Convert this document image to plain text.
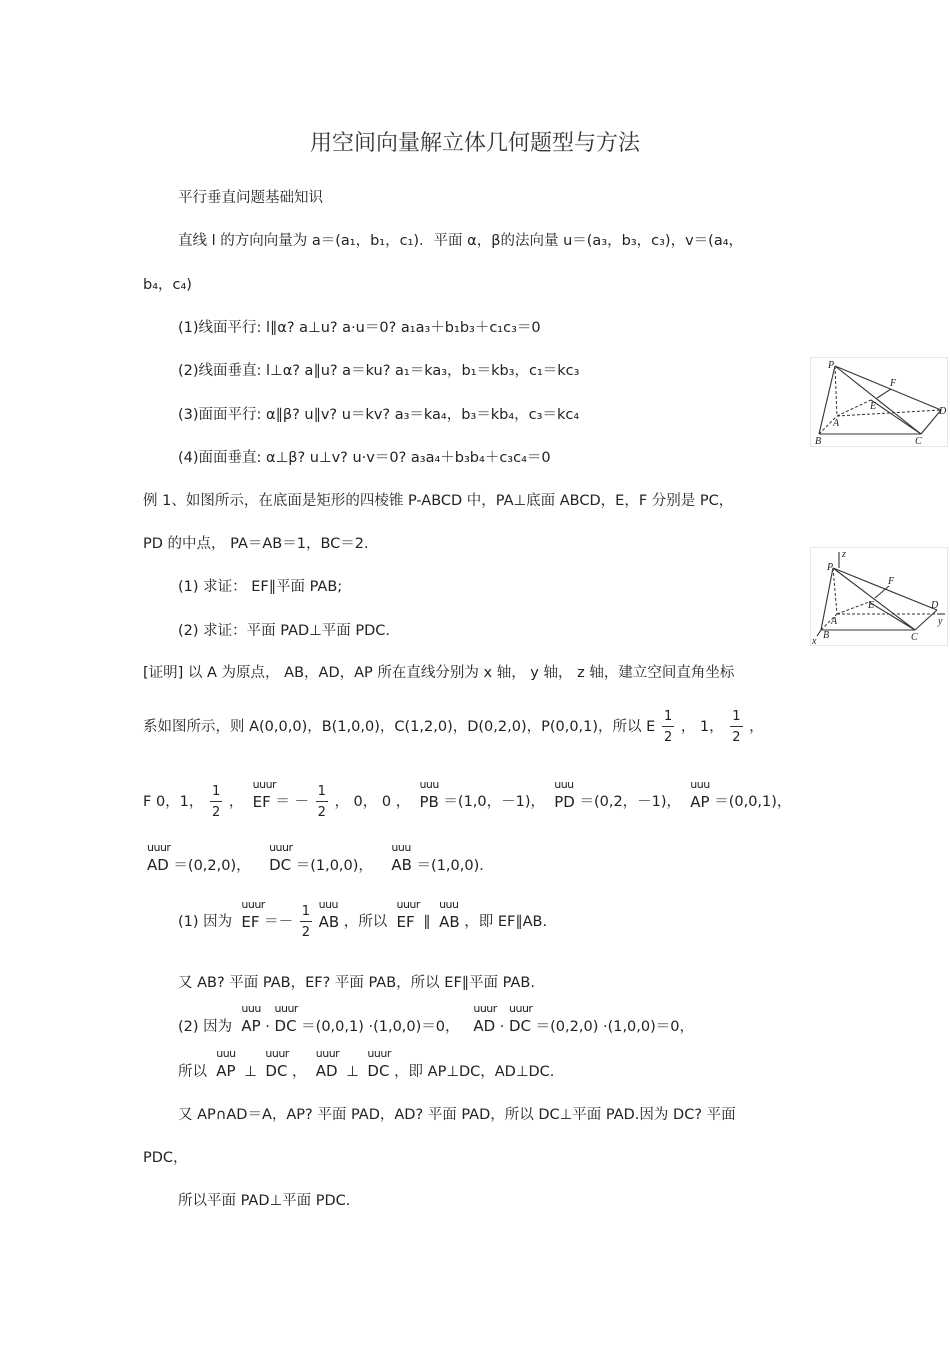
用空间向量解立体几何题型与方法
平行垂直问题基础知识
直线 l 的方向向量为 a＝(a₁，b₁，c₁)．平面 α，β的法向量 u＝(a₃，b₃，c₃)，v＝(a₄，
b₄，c₄)
(1)线面平行: l∥α? a⊥u? a·u＝0? a₁a₃＋b₁b₃＋c₁c₃＝0
(2)线面垂直: l⊥α? a∥u? a＝ku? a₁＝ka₃，b₁＝kb₃，c₁＝kc₃
(3)面面平行: α∥β? u∥v? u＝kv? a₃＝ka₄，b₃＝kb₄，c₃＝kc₄
(4)面面垂直: α⊥β? u⊥v? u·v＝0? a₃a₄＋b₃b₄＋c₃c₄＝0
例 1、如图所示，在底面是矩形的四棱锥 P-ABCD 中，PA⊥底面 ABCD，E，F 分别是 PC，
PD 的中点， PA＝AB＝1，BC＝2.
(1) 求证： EF∥平面 PAB;
(2) 求证：平面 PAD⊥平面 PDC.
[证明] 以 A 为原点， AB，AD，AP 所在直线分别为 x 轴， y 轴， z 轴，建立空间直角坐标
系如图所示，则 A(0,0,0)，B(1,0,0)，C(1,2,0)，D(0,2,0)，P(0,0,1)，所以 E $\frac{1}{2}$ ， 1， $\frac{1}{2}$ ，
F 0，1， $\frac{1}{2}$ ， uuur EF ＝ － $\frac{1}{2}$ ， 0， 0 ， uuu PB ＝(1,0，－1)， uuu PD ＝(0,2，－1)， uuu AP ＝(0,0,1)，
uuur AD ＝(0,2,0)， uuur DC ＝(1,0,0)， uuu AB ＝(1,0,0)．
(1) 因为 uuur EF ＝－ $\frac{1}{2}$ uuu AB ，所以 uuur EF ∥ uuu AB ，即 EF∥AB.
又 AB? 平面 PAB，EF? 平面 PAB，所以 EF∥平面 PAB.
(2) 因为 uuu AP · uuur DC ＝(0,0,1) ·(1,0,0)＝0， uuur AD · uuur DC ＝(0,2,0) ·(1,0,0)＝0，
所以 uuu AP ⊥ uuur DC ， uuur AD ⊥ uuur DC ，即 AP⊥DC，AD⊥DC.
又 AP∩AD＝A，AP? 平面 PAD，AD? 平面 PAD，所以 DC⊥平面 PAD.因为 DC? 平面
PDC，
所以平面 PAD⊥平面 PDC.
P
F
E
A
D
B	C
z
P
F
E
A
D
y
B	C
x
